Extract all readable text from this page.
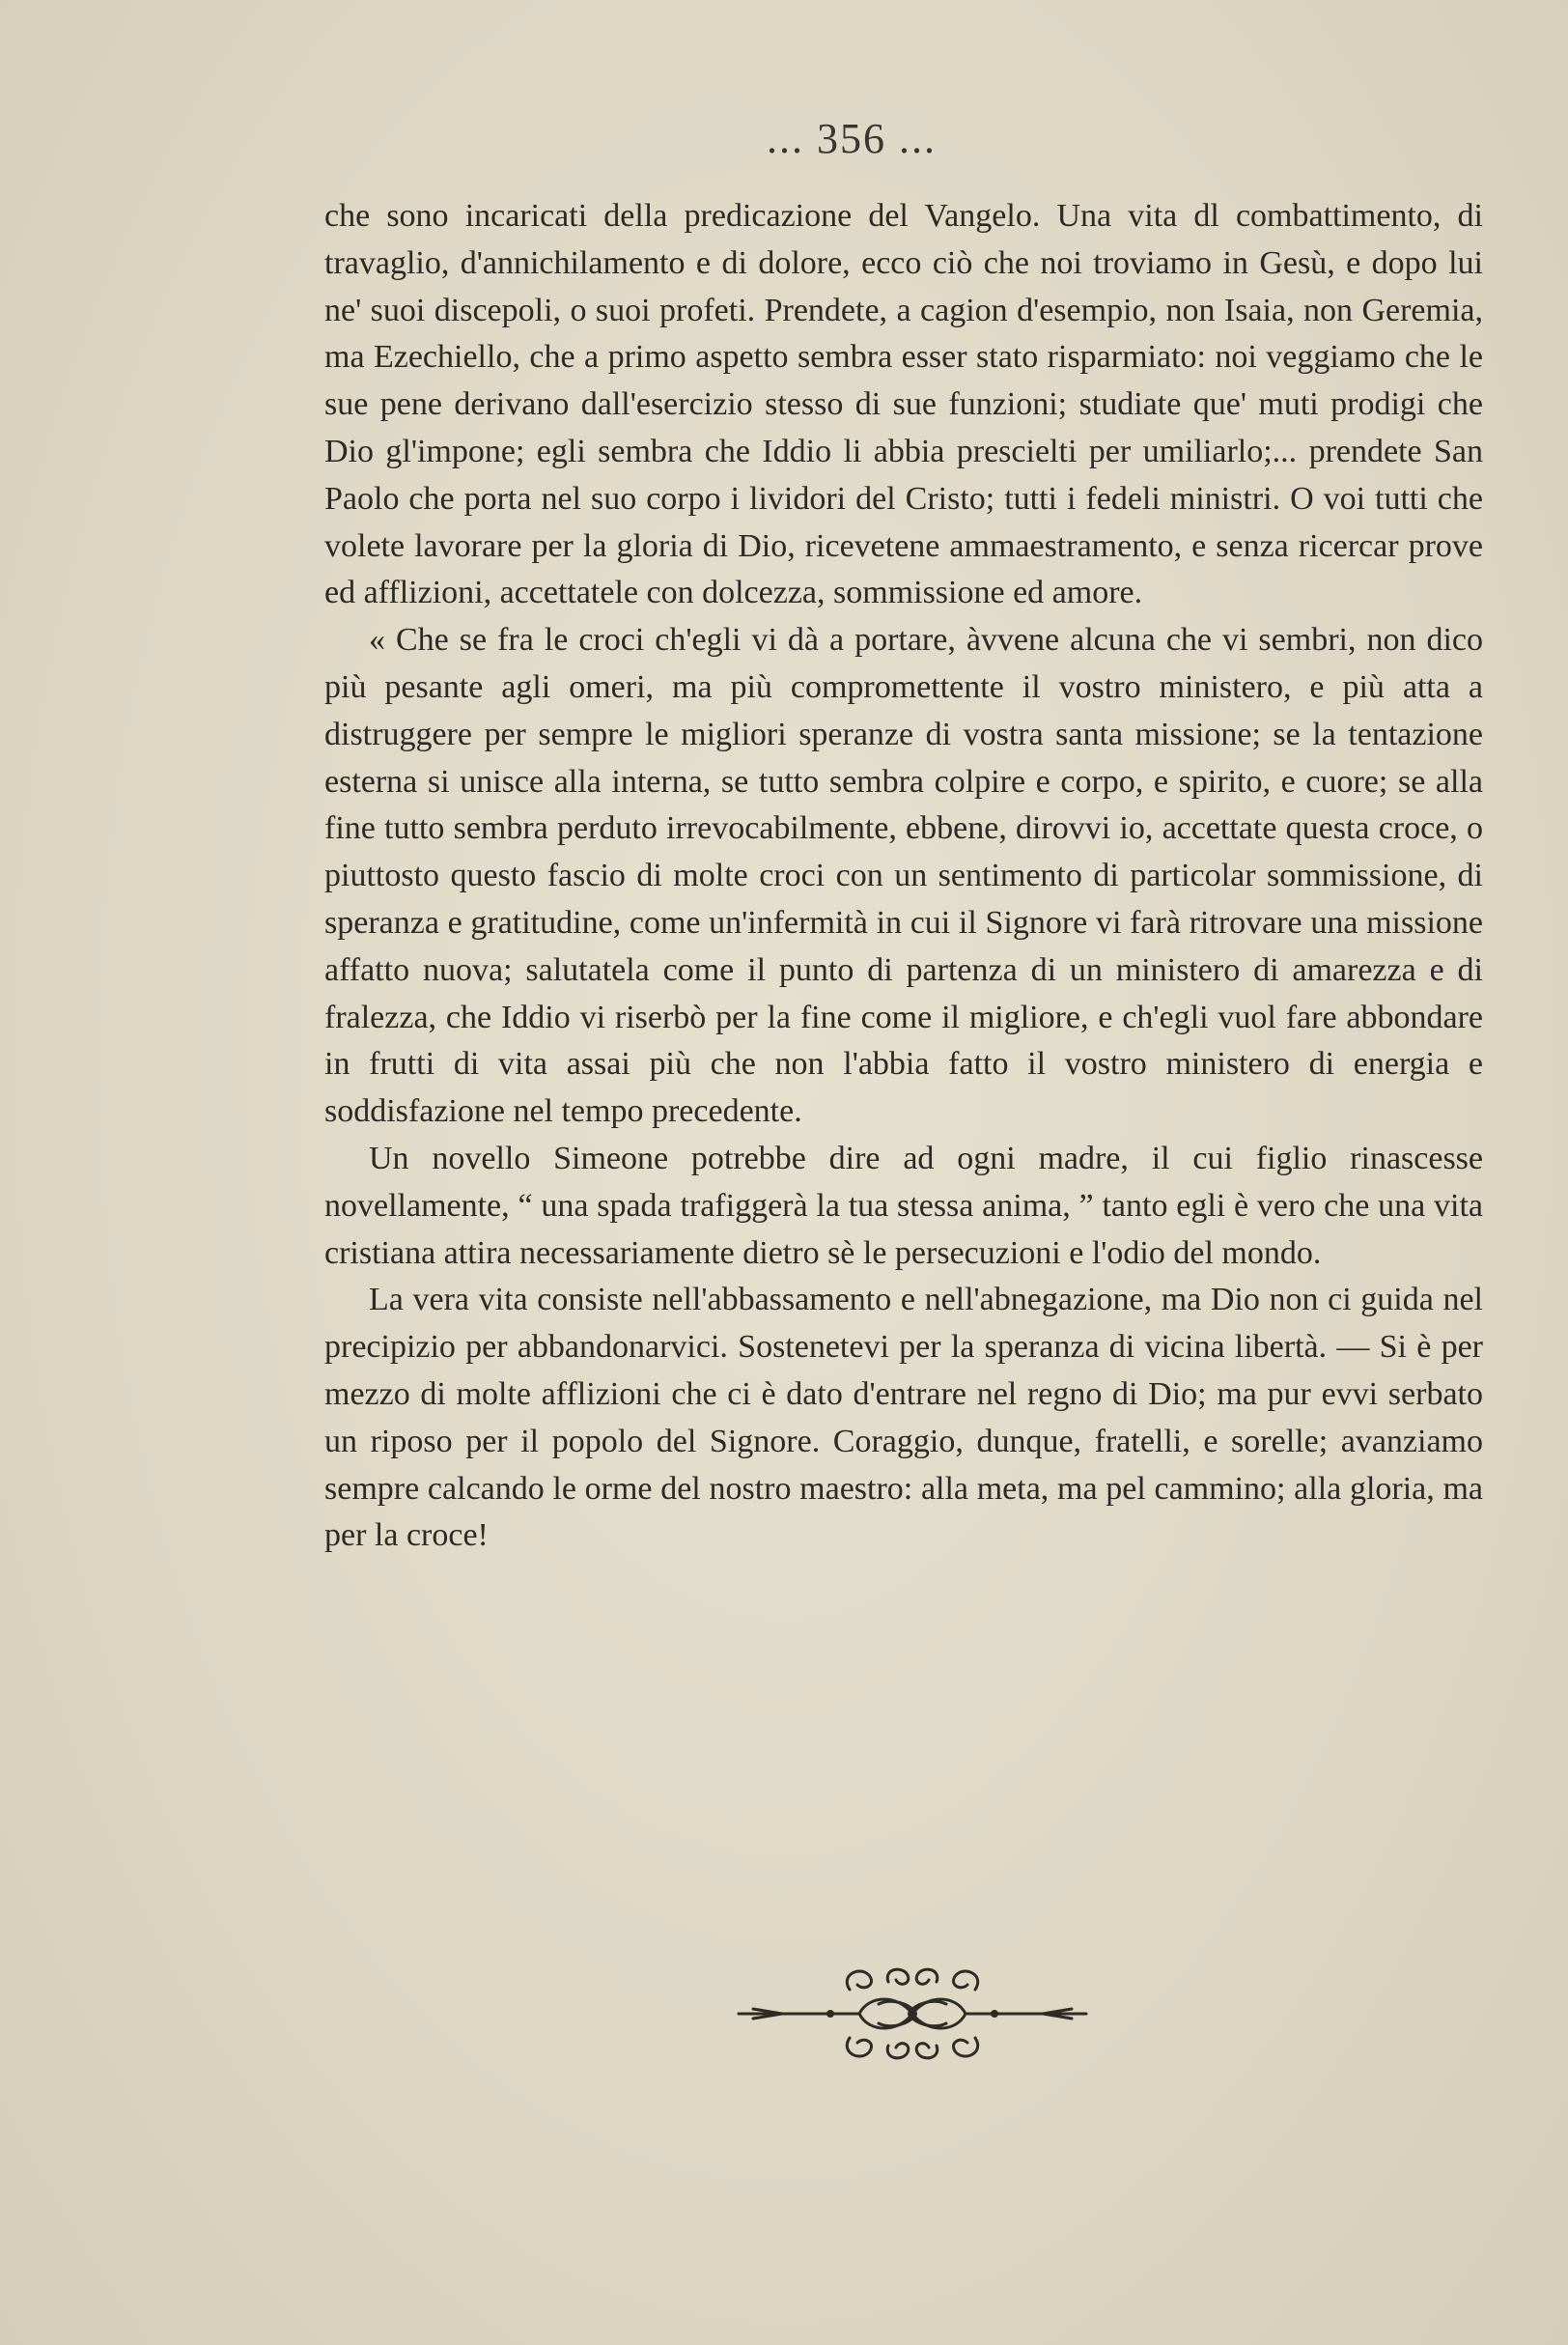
... 356 ...

che sono incaricati della predicazione del Vangelo. Una vita dl combattimento, di travaglio, d'annichilamento e di dolore, ecco ciò che noi troviamo in Gesù, e dopo lui ne' suoi discepoli, o suoi profeti. Prendete, a cagion d'esempio, non Isaia, non Geremia, ma Ezechiello, che a primo aspetto sembra esser stato risparmiato: noi veggiamo che le sue pene derivano dall'esercizio stesso di sue funzioni; studiate que' muti prodigi che Dio gl'impone; egli sembra che Iddio li abbia prescielti per umiliarlo;... prendete San Paolo che porta nel suo corpo i lividori del Cristo; tutti i fedeli ministri. O voi tutti che volete lavorare per la gloria di Dio, ricevetene ammaestramento, e senza ricercar prove ed afflizioni, accettatele con dolcezza, sommissione ed amore.

« Che se fra le croci ch'egli vi dà a portare, àvvene alcuna che vi sembri, non dico più pesante agli omeri, ma più compromettente il vostro ministero, e più atta a distruggere per sempre le migliori speranze di vostra santa missione; se la tentazione esterna si unisce alla interna, se tutto sembra colpire e corpo, e spirito, e cuore; se alla fine tutto sembra perduto irrevocabilmente, ebbene, dirovvi io, accettate questa croce, o piuttosto questo fascio di molte croci con un sentimento di particolar sommissione, di speranza e gratitudine, come un'infermità in cui il Signore vi farà ritrovare una missione affatto nuova; salutatela come il punto di partenza di un ministero di amarezza e di fralezza, che Iddio vi riserbò per la fine come il migliore, e ch'egli vuol fare abbondare in frutti di vita assai più che non l'abbia fatto il vostro ministero di energia e soddisfazione nel tempo precedente.

Un novello Simeone potrebbe dire ad ogni madre, il cui figlio rinascesse novellamente, “ una spada trafiggerà la tua stessa anima, ” tanto egli è vero che una vita cristiana attira necessariamente dietro sè le persecuzioni e l'odio del mondo.

La vera vita consiste nell'abbassamento e nell'abnegazione, ma Dio non ci guida nel precipizio per abbandonarvici. Sostenetevi per la speranza di vicina libertà. — Si è per mezzo di molte afflizioni che ci è dato d'entrare nel regno di Dio; ma pur evvi serbato un riposo per il popolo del Signore. Coraggio, dunque, fratelli, e sorelle; avanziamo sempre calcando le orme del nostro maestro: alla meta, ma pel cammino; alla gloria, ma per la croce!
